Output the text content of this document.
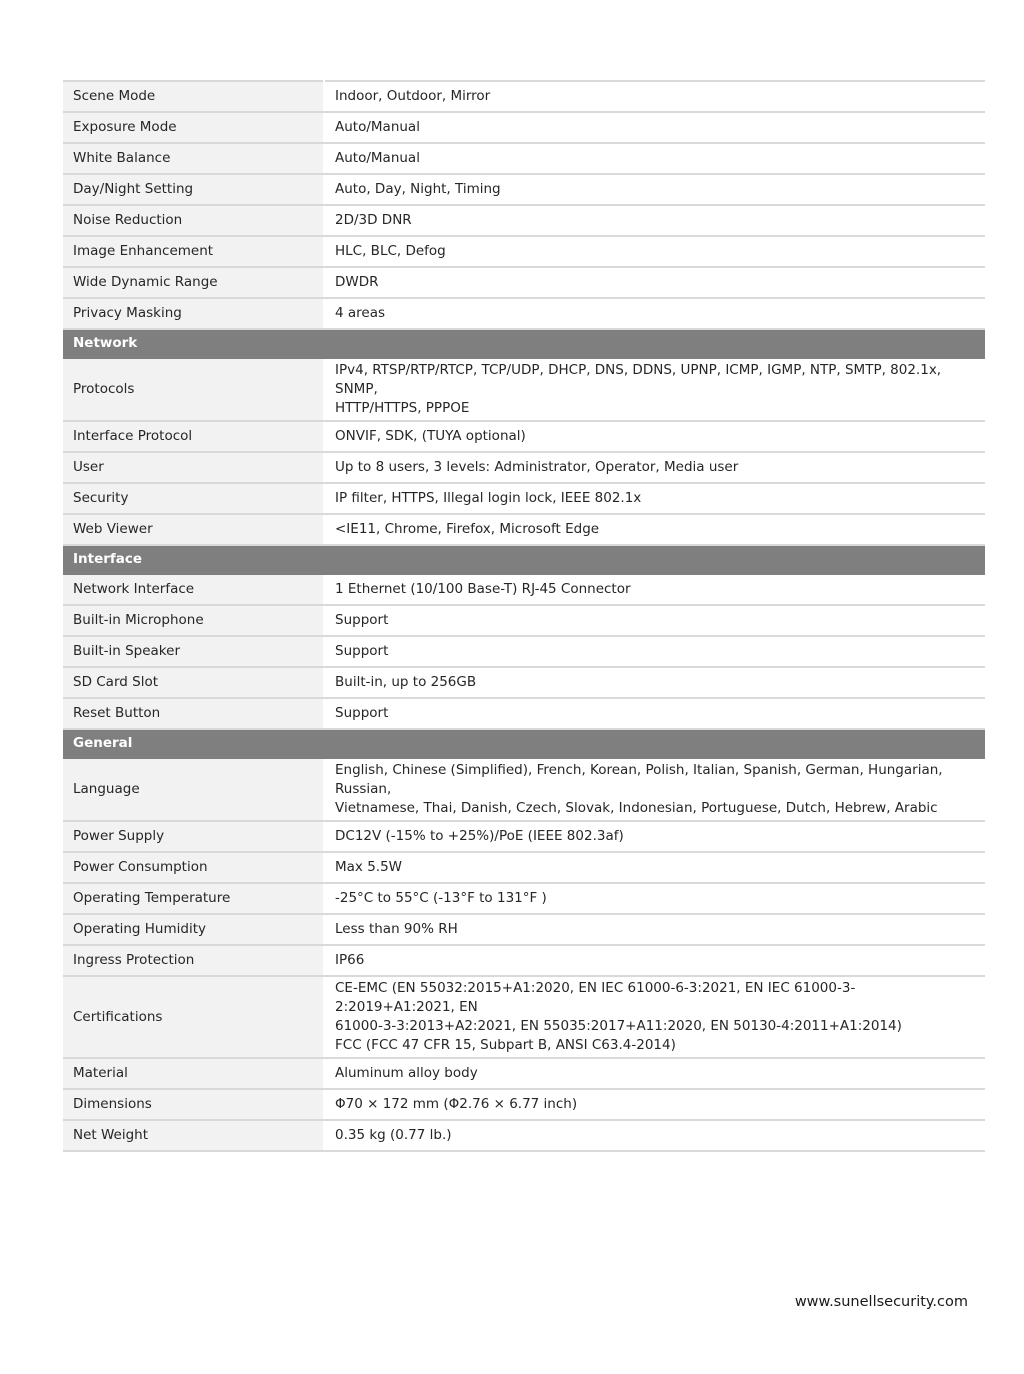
Scene Mode	Indoor, Outdoor, Mirror
Exposure Mode	Auto/Manual
White Balance	Auto/Manual
Day/Night Setting	Auto, Day, Night, Timing
Noise Reduction	2D/3D DNR
Image Enhancement	HLC, BLC, Defog
Wide Dynamic Range	DWDR
Privacy Masking	4 areas
Network	
Protocols	IPv4, RTSP/RTP/RTCP, TCP/UDP, DHCP, DNS, DDNS, UPNP, ICMP, IGMP, NTP, SMTP, 802.1x, SNMP,
HTTP/HTTPS, PPPOE

Interface Protocol	ONVIF, SDK, (TUYA optional)
User	Up to 8 users, 3 levels: Administrator, Operator, Media user
Security	IP filter, HTTPS, Illegal login lock, IEEE 802.1x
Web Viewer	<IE11, Chrome, Firefox, Microsoft Edge
Interface	
Network Interface	1 Ethernet (10/100 Base-T) RJ-45 Connector
Built-in Microphone	Support
Built-in Speaker	Support
SD Card Slot	Built-in, up to 256GB
Reset Button	Support
General	
Language	English, Chinese (Simplified), French, Korean, Polish, Italian, Spanish, German, Hungarian, Russian,
Vietnamese, Thai, Danish, Czech, Slovak, Indonesian, Portuguese, Dutch, Hebrew, Arabic

Power Supply	DC12V (-15% to +25%)/PoE (IEEE 802.3af)
Power Consumption	Max 5.5W
Operating Temperature	-25°C to 55°C (-13°F to 131°F )
Operating Humidity	Less than 90% RH
Ingress Protection	IP66
Certifications	CE-EMC (EN 55032:2015+A1:2020, EN IEC 61000-6-3:2021, EN IEC 61000-3-2:2019+A1:2021, EN
61000-3-3:2013+A2:2021, EN 55035:2017+A11:2020, EN 50130-4:2011+A1:2014)
FCC (FCC 47 CFR 15, Subpart B, ANSI C63.4-2014)

Material	Aluminum alloy body
Dimensions	Φ70 × 172 mm (Φ2.76 × 6.77 inch)
Net Weight	0.35 kg (0.77 lb.)
www.sunellsecurity.com
